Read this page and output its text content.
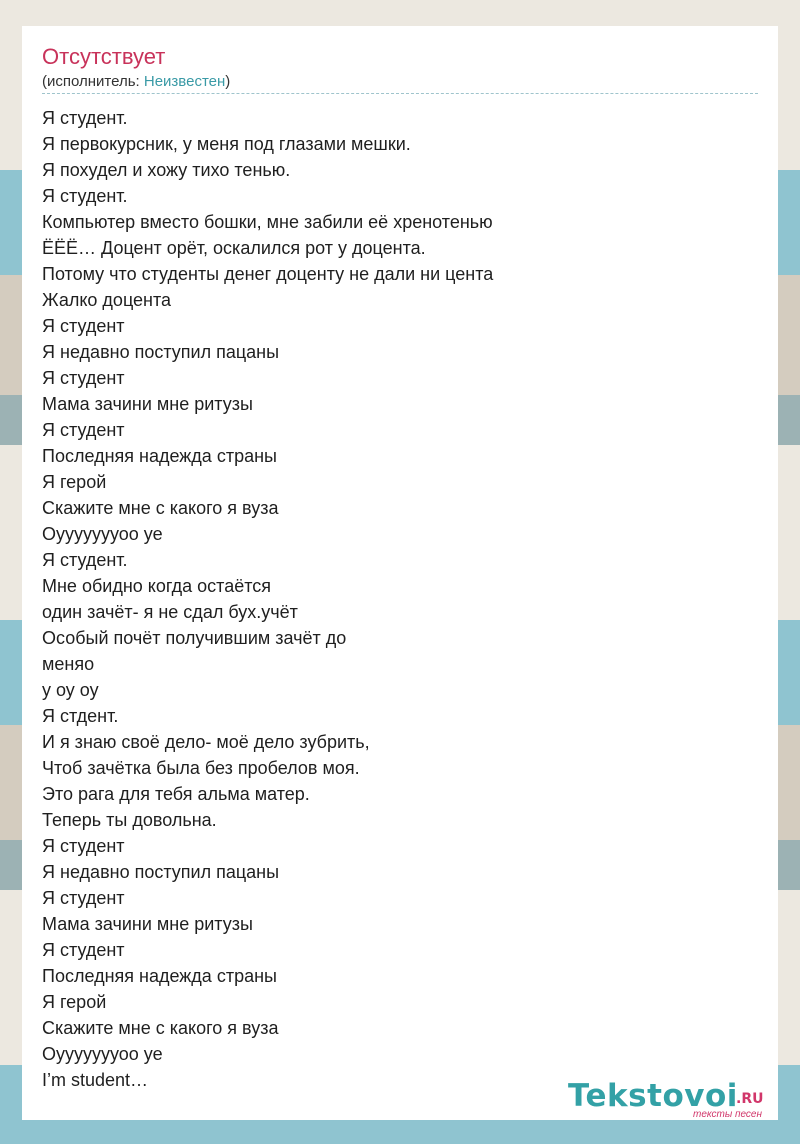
Отсутствует
(исполнитель: Неизвестен)
Я студент.
Я первокурсник, у меня под глазами мешки.
Я похудел и хожу тихо тенью.
Я студент.
Компьютер вместо бошки, мне забили её хренотенью
ЁЁЁ… Доцент орёт, оскалился рот у доцента.
Потому что студенты денег доценту не дали ни цента
Жалко доцента
Я студент
Я недавно поступил пацаны
Я студент
Мама зачини мне ритузы
Я студент
Последняя надежда страны
Я герой
Скажите мне с какого я вуза
Оуууууууоо уе
Я студент.
Мне обидно когда остаётся
один зачёт- я не сдал бух.учёт
Особый почёт получившим зачёт до
меняо
у оу оу
Я стдент.
И я знаю своё дело- моё дело зубрить,
Чтоб зачётка была без пробелов моя.
Это рага для тебя альма матер.
Теперь ты довольна.
Я студент
Я недавно поступил пацаны
Я студент
Мама зачини мне ритузы
Я студент
Последняя надежда страны
Я герой
Скажите мне с какого я вуза
Оуууууууоо уе
I’m student…	Tekstovoi
.RU
тексты песен
